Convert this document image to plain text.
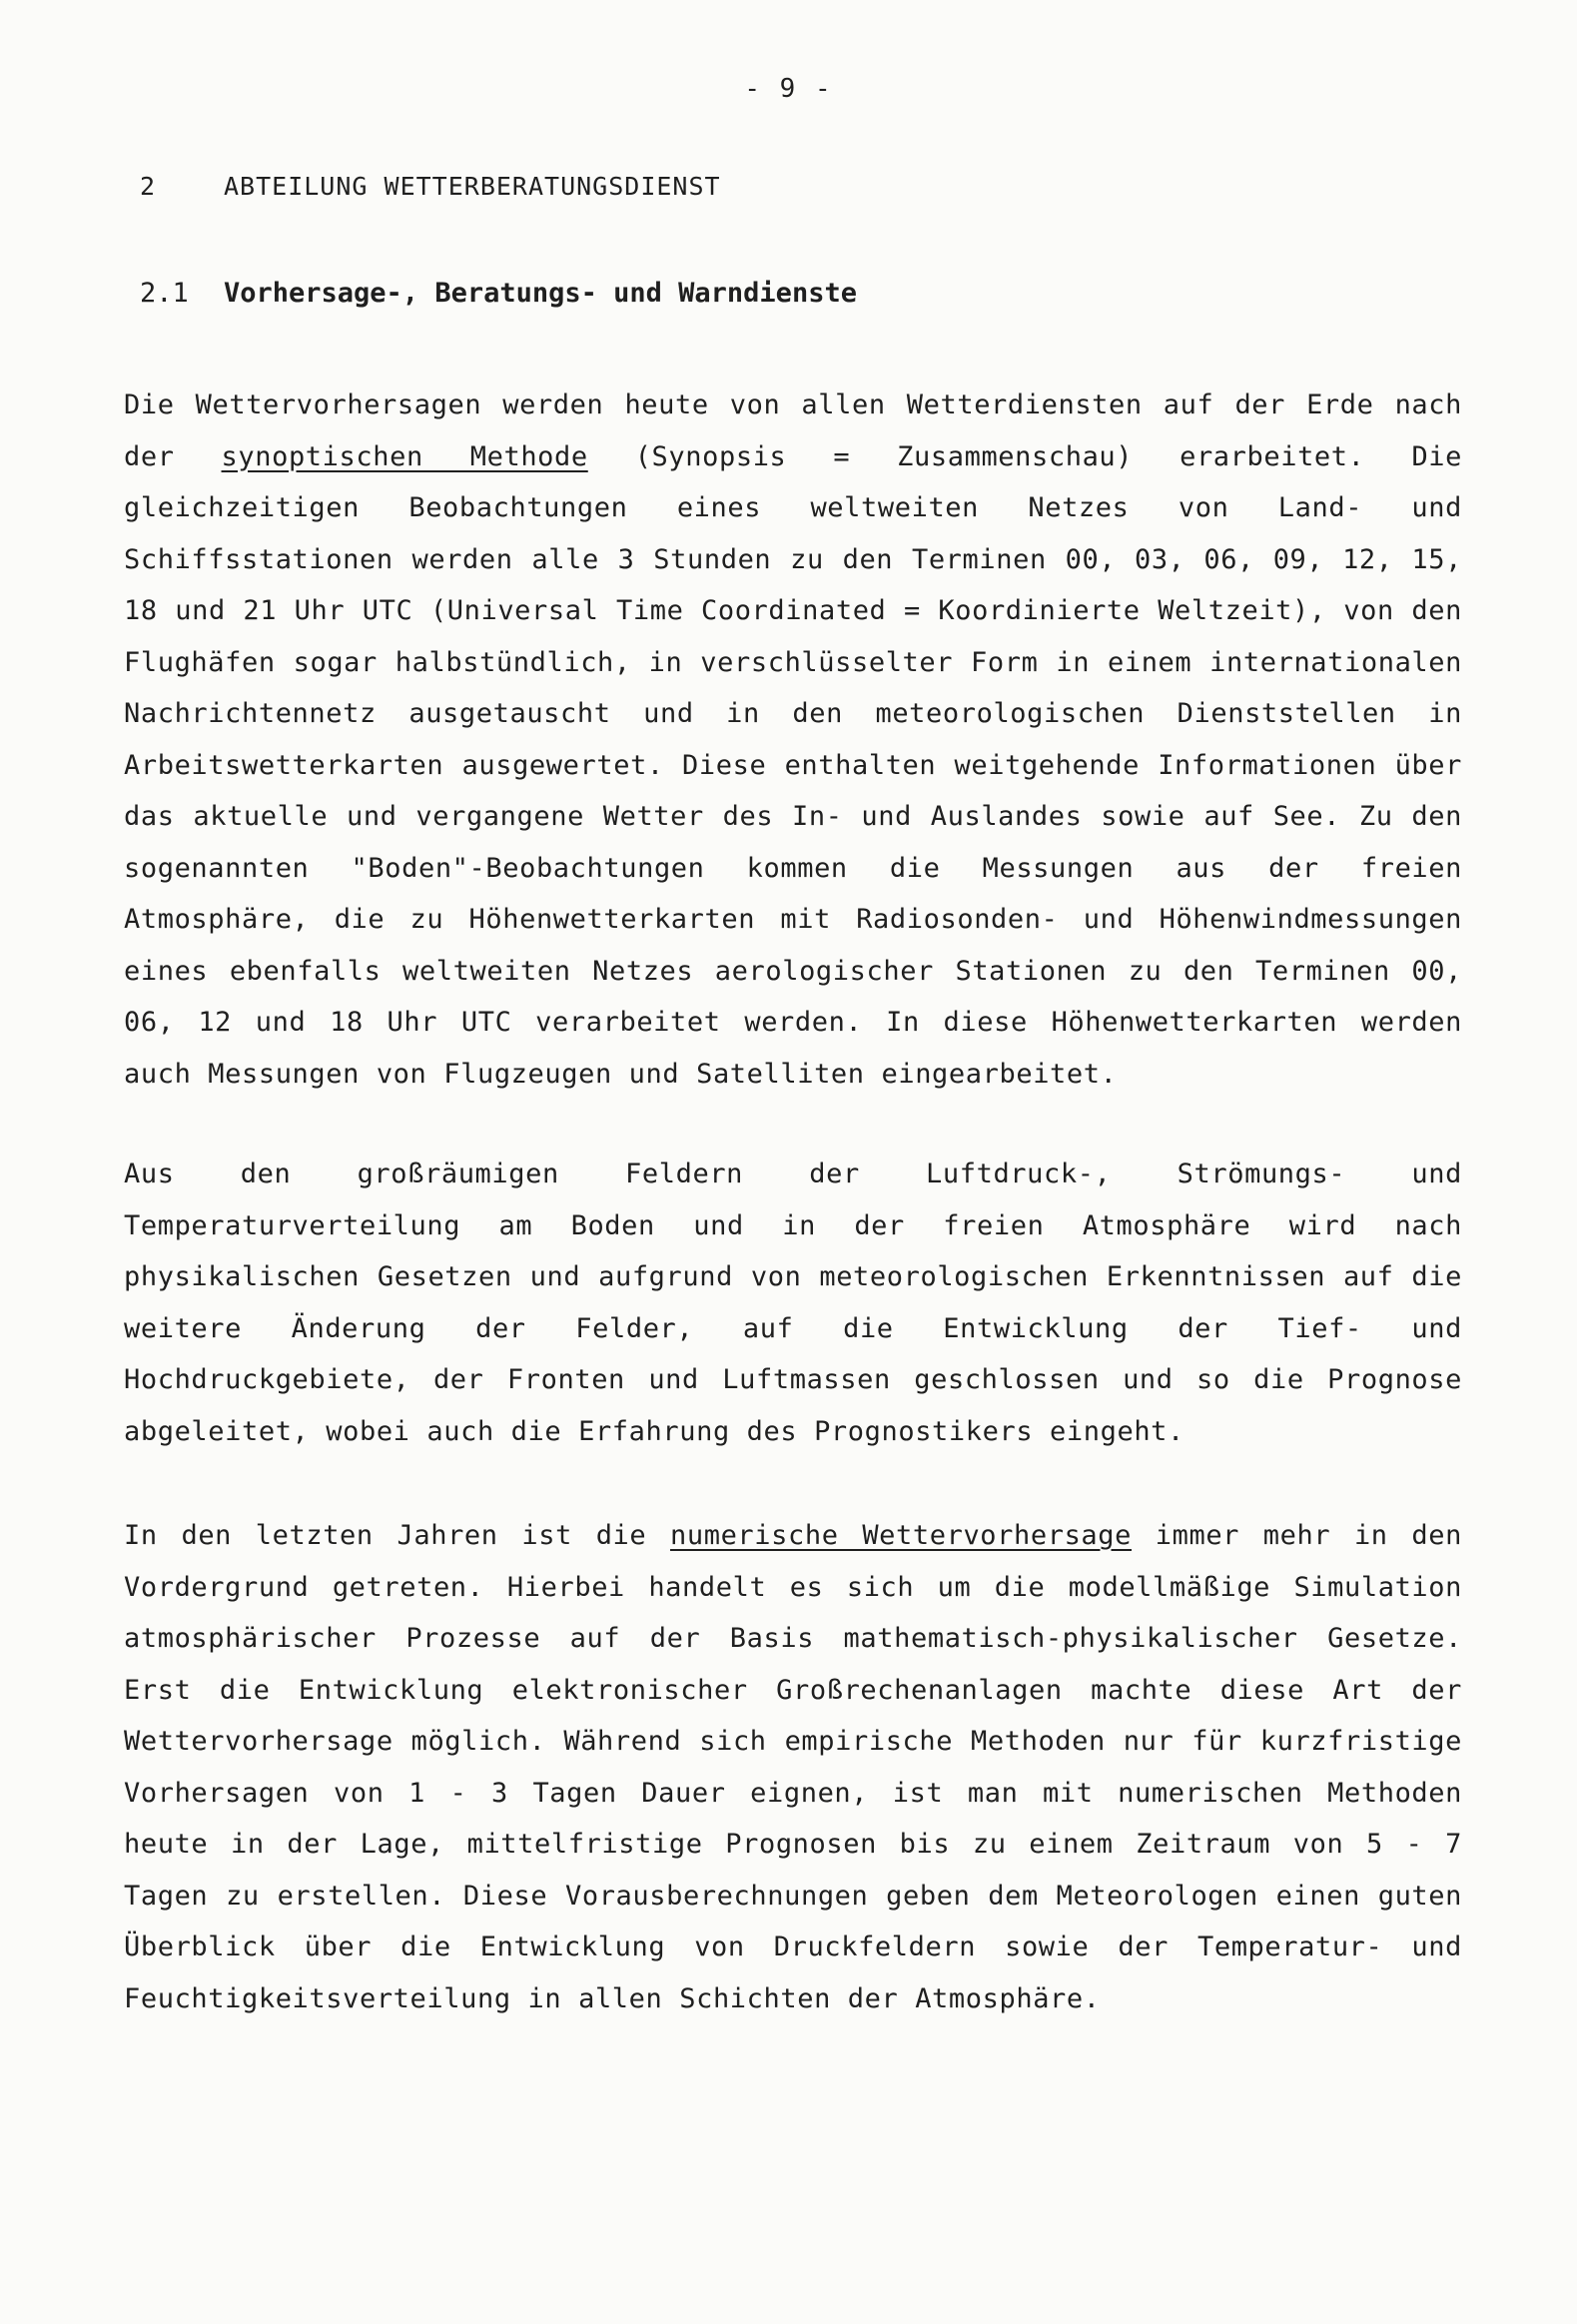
- 9 -
2	ABTEILUNG WETTERBERATUNGSDIENST
2.1 Vorhersage-, Beratungs- und Warndienste

Die Wettervorhersagen werden heute von allen Wetterdiensten auf der Erde nach der synoptischen Methode (Synopsis = Zusammenschau) erarbeitet. Die gleichzeitigen Beobachtungen eines weltweiten Netzes von Land- und Schiffsstationen werden alle 3 Stunden zu den Terminen 00, 03, 06, 09, 12, 15, 18 und 21 Uhr UTC (Universal Time Coordinated = Koordinierte Weltzeit), von den Flughäfen sogar halbstündlich, in verschlüsselter Form in einem internationalen Nachrichtennetz ausgetauscht und in den meteorologischen Dienststellen in Arbeitswetterkarten ausgewertet. Diese enthalten weitgehende Informationen über das aktuelle und vergangene Wetter des In- und Auslandes sowie auf See. Zu den sogenannten "Boden"-Beobachtungen kommen die Messungen aus der freien Atmosphäre, die zu Höhenwetterkarten mit Radiosonden- und Höhenwindmessungen eines ebenfalls weltweiten Netzes aerologischer Stationen zu den Terminen 00, 06, 12 und 18 Uhr UTC verarbeitet werden. In diese Höhenwetterkarten werden auch Messungen von Flugzeugen und Satelliten eingearbeitet.

Aus den großräumigen Feldern der Luftdruck-, Strömungs- und Temperaturverteilung am Boden und in der freien Atmosphäre wird nach physikalischen Gesetzen und aufgrund von meteorologischen Erkenntnissen auf die weitere Änderung der Felder, auf die Entwicklung der Tief- und Hochdruckgebiete, der Fronten und Luftmassen geschlossen und so die Prognose abgeleitet, wobei auch die Erfahrung des Prognostikers eingeht.

In den letzten Jahren ist die numerische Wettervorhersage immer mehr in den Vordergrund getreten. Hierbei handelt es sich um die modellmäßige Simulation atmosphärischer Prozesse auf der Basis mathematisch-physikalischer Gesetze. Erst die Entwicklung elektronischer Großrechenanlagen machte diese Art der Wettervorhersage möglich. Während sich empirische Methoden nur für kurzfristige Vorhersagen von 1 - 3 Tagen Dauer eignen, ist man mit numerischen Methoden heute in der Lage, mittelfristige Prognosen bis zu einem Zeitraum von 5 - 7 Tagen zu erstellen. Diese Vorausberechnungen geben dem Meteorologen einen guten Überblick über die Entwicklung von Druckfeldern sowie der Temperatur- und Feuchtigkeitsverteilung in allen Schichten der Atmosphäre.
